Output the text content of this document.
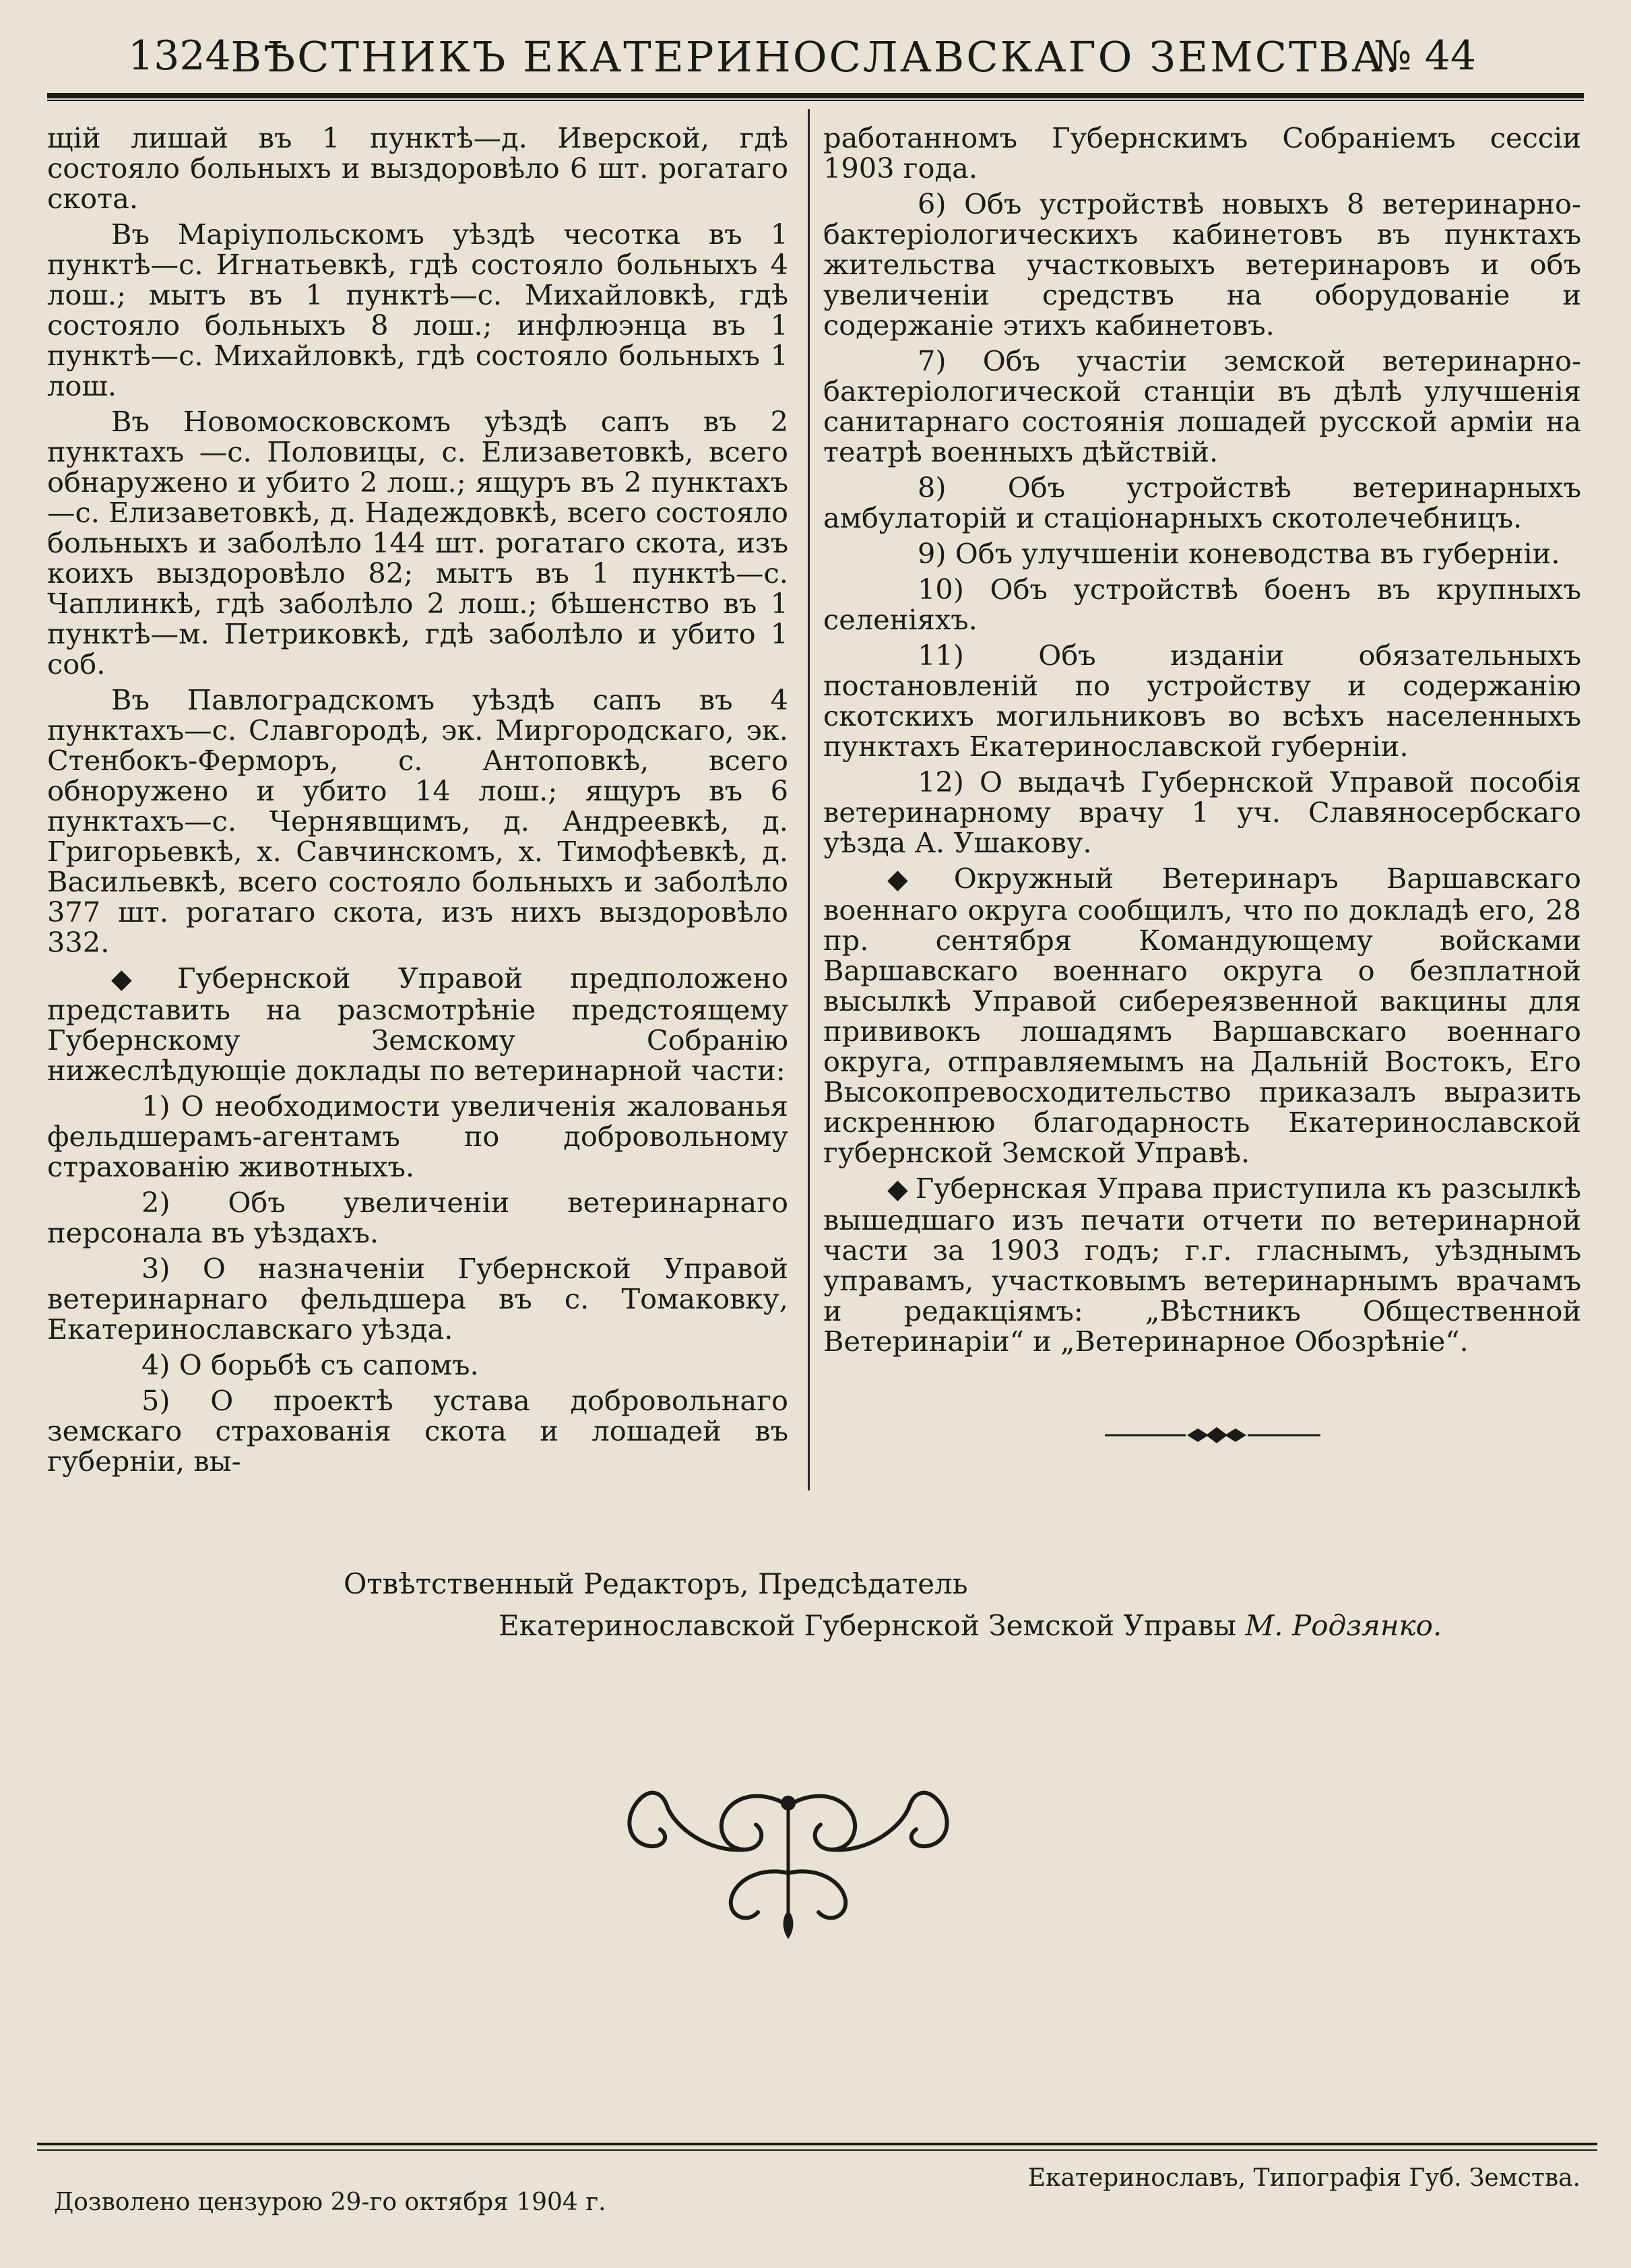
1324 ВѢСТНИКЪ ЕКАТЕРИНОСЛАВСКАГО ЗЕМСТВА.
№ 44

щій лишай въ 1 пунктѣ—д. Иверской, гдѣ состояло больныхъ и выздоровѣло 6 шт. рогатаго скота.

Въ Маріупольскомъ уѣздѣ чесотка въ 1 пунктѣ—с. Игнатьевкѣ, гдѣ состояло больныхъ 4 лош.; мытъ въ 1 пунктѣ—с. Михайловкѣ, гдѣ состояло больныхъ 8 лош.; инфлюэнца въ 1 пунктѣ—с. Михайловкѣ, гдѣ состояло больныхъ 1 лош.

Въ Новомосковскомъ уѣздѣ сапъ въ 2 пунктахъ —с. Половицы, с. Елизаветовкѣ, всего обнаружено и убито 2 лош.; ящуръ въ 2 пунктахъ —с. Елизаветовкѣ, д. Надеждовкѣ, всего состояло больныхъ и заболѣло 144 шт. рогатаго скота, изъ коихъ выздоровѣло 82; мытъ въ 1 пунктѣ—с. Чаплинкѣ, гдѣ заболѣло 2 лош.; бѣшенство въ 1 пунктѣ—м. Петриковкѣ, гдѣ заболѣло и убито 1 соб.

Въ Павлоградскомъ уѣздѣ сапъ въ 4 пунктахъ—с. Славгородѣ, эк. Миргородскаго, эк. Стенбокъ-Ферморъ, с. Антоповкѣ, всего обноружено и убито 14 лош.; ящуръ въ 6 пунктахъ—с. Чернявщимъ, д. Андреевкѣ, д. Григорьевкѣ, х. Савчинскомъ, х. Тимофѣевкѣ, д. Васильевкѣ, всего состояло больныхъ и заболѣло 377 шт. рогатаго скота, изъ нихъ выздоровѣло 332.

◆ Губернской Управой предположено представить на разсмотрѣніе предстоящему Губернскому Земскому Собранію нижеслѣдующіе доклады по ветеринарной части:

1) О необходимости увеличенія жалованья фельдшерамъ-агентамъ по добровольному страхованію животныхъ.

2) Объ увеличеніи ветеринарнаго персонала въ уѣздахъ.

3) О назначеніи Губернской Управой ветеринарнаго фельдшера въ с. Томаковку, Екатеринославскаго уѣзда.

4) О борьбѣ съ сапомъ.

5) О проектѣ устава добровольнаго земскаго страхованія скота и лошадей въ губерніи, вы-

работанномъ Губернскимъ Собраніемъ сессіи 1903 года.

6) Объ устройствѣ новыхъ 8 ветеринарно-бактеріологическихъ кабинетовъ въ пунктахъ жительства участковыхъ ветеринаровъ и объ увеличеніи средствъ на оборудованіе и содержаніе этихъ кабинетовъ.

7) Объ участіи земской ветеринарно-бактеріологической станціи въ дѣлѣ улучшенія санитарнаго состоянія лошадей русской арміи на театрѣ военныхъ дѣйствій.

8) Объ устройствѣ ветеринарныхъ амбулаторій и стаціонарныхъ скотолечебницъ.

9) Объ улучшеніи коневодства въ губерніи.

10) Объ устройствѣ боенъ въ крупныхъ селеніяхъ.

11) Объ изданіи обязательныхъ постановленій по устройству и содержанію скотскихъ могильниковъ во всѣхъ населенныхъ пунктахъ Екатеринославской губерніи.

12) О выдачѣ Губернской Управой пособія ветеринарному врачу 1 уч. Славяносербскаго уѣзда А. Ушакову.

◆ Окружный Ветеринаръ Варшавскаго военнаго округа сообщилъ, что по докладѣ его, 28 пр. сентября Командующему войсками Варшавскаго военнаго округа о безплатной высылкѣ Управой сибереязвенной вакцины для прививокъ лошадямъ Варшавскаго военнаго округа, отправляемымъ на Дальній Востокъ, Его Высокопревосходительство приказалъ выразить искреннюю благодарность Екатеринославской губернской Земской Управѣ.

◆ Губернская Управа приступила къ разсылкѣ вышедшаго изъ печати отчети по ветеринарной части за 1903 годъ; г.г. гласнымъ, уѣзднымъ управамъ, участковымъ ветеринарнымъ врачамъ и редакціямъ: „Вѣстникъ Общественной Ветеринаріи“ и „Ветеринарное Обозрѣніе“.

Отвѣтственный Редакторъ, Предсѣдатель
Екатеринославской Губернской Земской Управы М. Родзянко.
Екатеринославъ, Типографія Губ. Земства.
Дозволено цензурою 29-го октября 1904 г.
